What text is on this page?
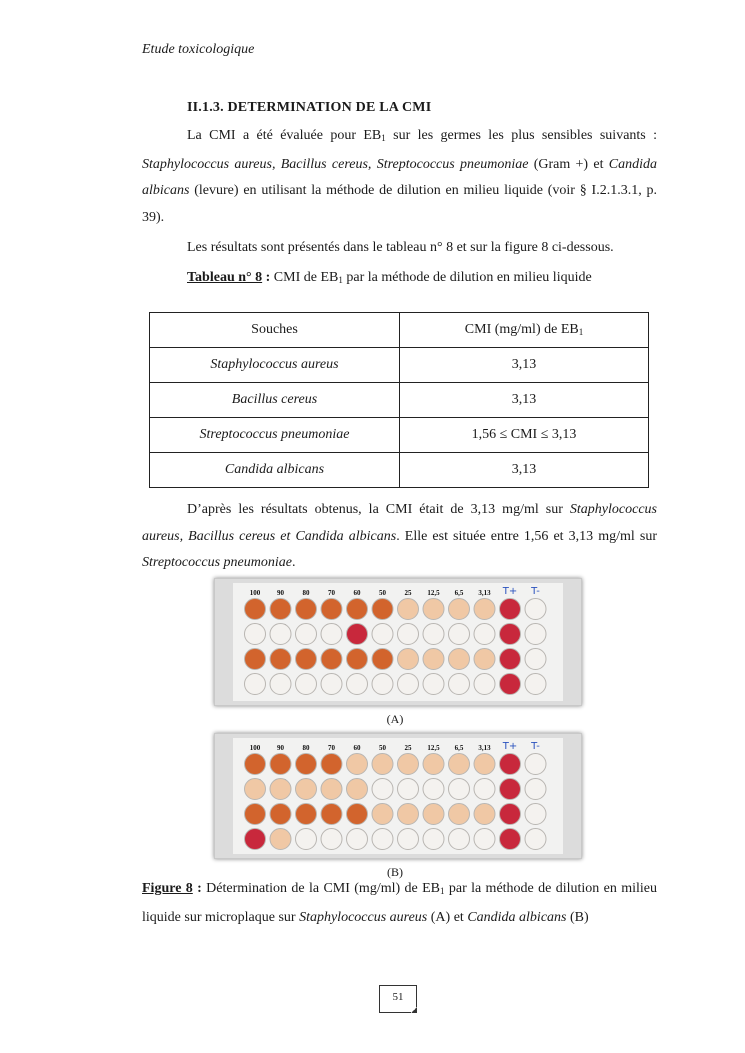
Etude toxicologique
II.1.3. DETERMINATION DE LA CMI
La CMI a été évaluée pour $EB_1$ sur les germes les plus sensibles suivants : Staphylococcus aureus, Bacillus cereus, Streptococcus pneumoniae (Gram +) et Candida albicans (levure) en utilisant la méthode de dilution en milieu liquide (voir § I.2.1.3.1, p. 39).
Les résultats sont présentés dans le tableau n° 8 et sur la figure 8 ci-dessous.
Tableau n° 8 : CMI de $EB_1$ par la méthode de dilution en milieu liquide
Souches	CMI (mg/ml) de $EB_1$
Staphylococcus aureus	3,13
Bacillus cereus	3,13
Streptococcus pneumoniae	1,56 ≤ CMI ≤ 3,13
Candida albicans	3,13
D’après les résultats obtenus, la CMI était de 3,13 mg/ml sur Staphylococcus aureus, Bacillus cereus et Candida albicans. Elle est située entre 1,56 et 3,13 mg/ml sur Streptococcus pneumoniae.
100 90	80	70	60	50	25 12,5 6,5 3,13 T+ T-
(A)
100 90	80	70	60	50	25 12,5 6,5 3,13 T+ T-
(B)
Figure 8 : Détermination de la CMI (mg/ml) de $EB_1$ par la méthode de dilution en milieu liquide sur microplaque sur Staphylococcus aureus (A) et Candida albicans (B)
51
